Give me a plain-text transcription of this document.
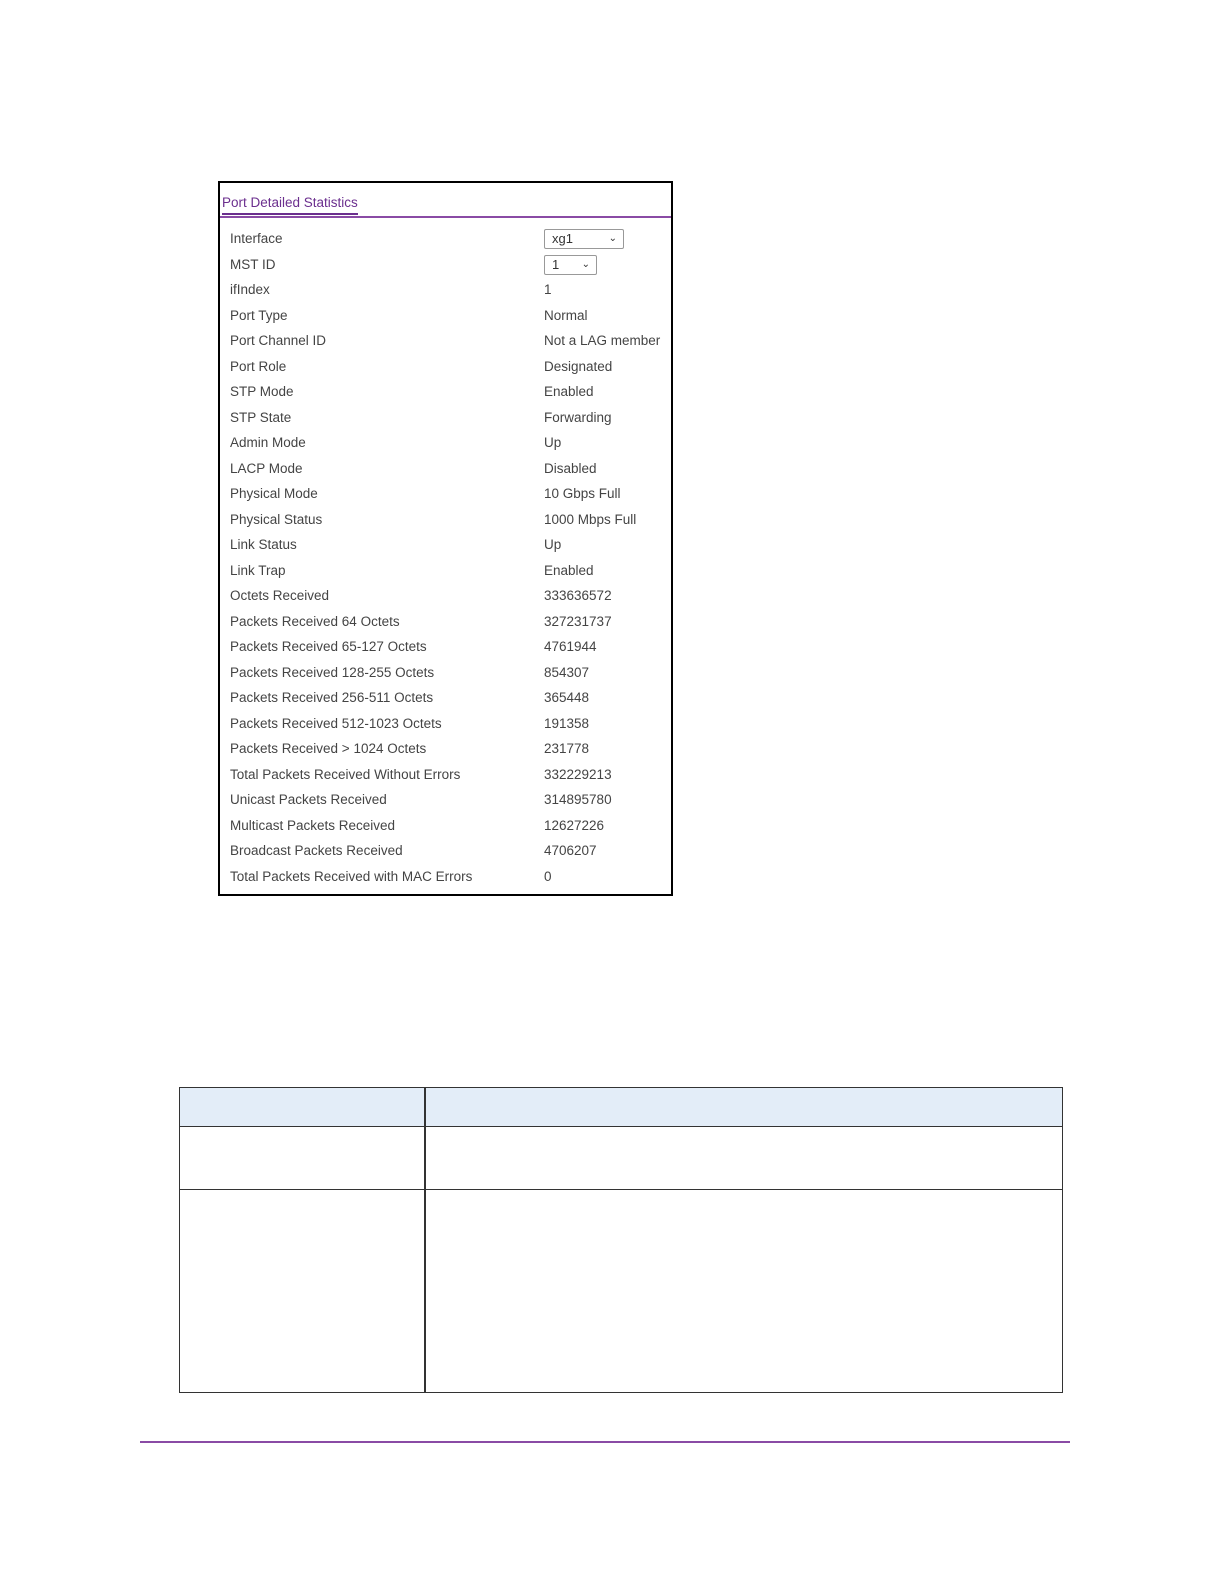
Port Detailed Statistics
Interface	xg1	⌄
MST ID	1 ⌄
ifIndex	1
Port Type	Normal
Port Channel ID	Not a LAG member
Port Role	Designated
STP Mode	Enabled
STP State	Forwarding
Admin Mode	Up
LACP Mode	Disabled
Physical Mode	10 Gbps Full
Physical Status	1000 Mbps Full
Link Status	Up
Link Trap	Enabled
Octets Received	333636572
Packets Received 64 Octets	327231737
Packets Received 65-127 Octets	4761944
Packets Received 128-255 Octets	854307
Packets Received 256-511 Octets	365448
Packets Received 512-1023 Octets	191358
Packets Received > 1024 Octets	231778
Total Packets Received Without Errors	332229213
Unicast Packets Received	314895780
Multicast Packets Received	12627226
Broadcast Packets Received	4706207
Total Packets Received with MAC Errors	0
